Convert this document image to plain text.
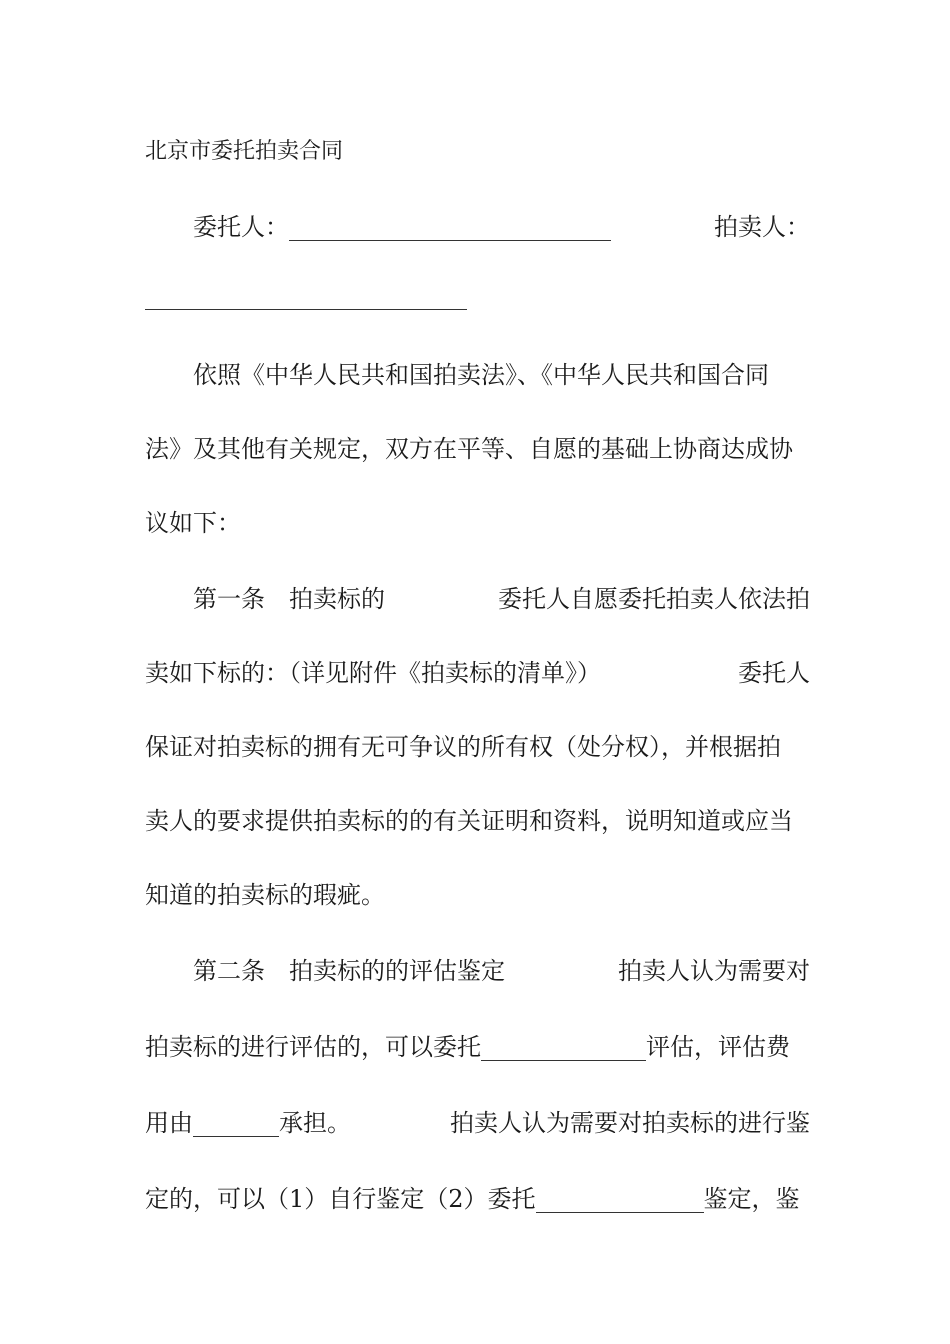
北京市委托拍卖合同
委托人：	拍卖人：
依照《中华人民共和国拍卖法》、《中华人民共和国合同
法》及其他有关规定，双方在平等、自愿的基础上协商达成协
议如下：
第一条　拍卖标的	委托人自愿委托拍卖人依法拍
卖如下标的：（详见附件《拍卖标的清单》）	委托人
保证对拍卖标的拥有无可争议的所有权（处分权），并根据拍
卖人的要求提供拍卖标的的有关证明和资料，说明知道或应当
知道的拍卖标的瑕疵。
第二条　拍卖标的的评估鉴定	拍卖人认为需要对
拍卖标的进行评估的，可以委托	评估，评估费
用由	承担。	拍卖人认为需要对拍卖标的进行鉴
定的，可以（1）自行鉴定（2）委托	鉴定，鉴
